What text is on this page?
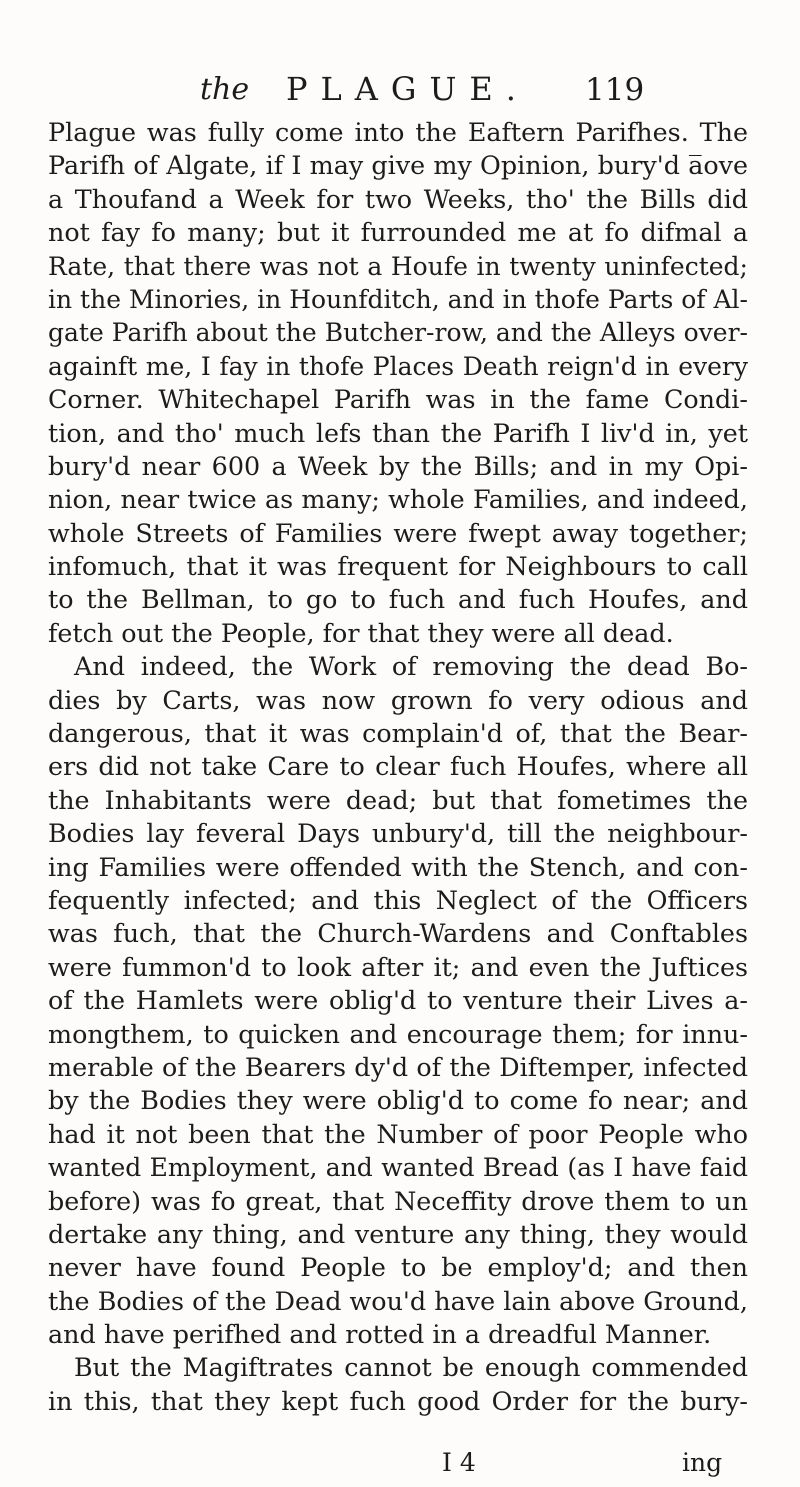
the PLAGUE. 119
Plague was fully come into the Eaftern Parifhes. The
Parifh of Algate, if I may give my Opinion, bury'd a̅ove
a Thoufand a Week for two Weeks, tho' the Bills did
not fay fo many; but it furrounded me at fo difmal a
Rate, that there was not a Houfe in twenty uninfected;
in the Minories, in Hounfditch, and in thofe Parts of Al-
gate Parifh about the Butcher-row, and the Alleys over-
againft me, I fay in thofe Places Death reign'd in every
Corner. Whitechapel Parifh was in the fame Condi-
tion, and tho' much lefs than the Parifh I liv'd in, yet
bury'd near 600 a Week by the Bills; and in my Opi-
nion, near twice as many; whole Families, and indeed,
whole Streets of Families were fwept away together;
infomuch, that it was frequent for Neighbours to call
to the Bellman, to go to fuch and fuch Houfes, and
fetch out the People, for that they were all dead.
And indeed, the Work of removing the dead Bo-
dies by Carts, was now grown fo very odious and
dangerous, that it was complain'd of, that the Bear-
ers did not take Care to clear fuch Houfes, where all
the Inhabitants were dead; but that fometimes the
Bodies lay feveral Days unbury'd, till the neighbour-
ing Families were offended with the Stench, and con-
fequently infected; and this Neglect of the Officers
was fuch, that the Church-Wardens and Conftables
were fummon'd to look after it; and even the Juftices
of the Hamlets were oblig'd to venture their Lives a-
mongthem, to quicken and encourage them; for innu-
merable of the Bearers dy'd of the Diftemper, infected
by the Bodies they were oblig'd to come fo near; and
had it not been that the Number of poor People who
wanted Employment, and wanted Bread (as I have faid
before) was fo great, that Neceffity drove them to un
dertake any thing, and venture any thing, they would
never have found People to be employ'd; and then
the Bodies of the Dead wou'd have lain above Ground,
and have perifhed and rotted in a dreadful Manner.
But the Magiftrates cannot be enough commended
in this, that they kept fuch good Order for the bury-
I 4	ing
